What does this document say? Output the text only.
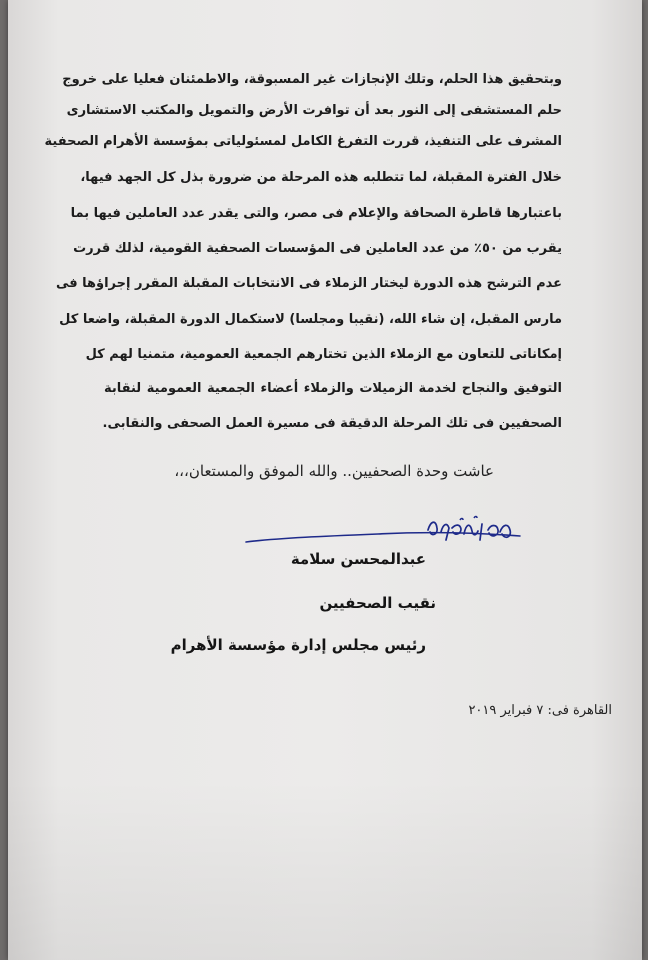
وبتحقيق هذا الحلم، وتلك الإنجازات غير المسبوقة، والاطمئنان فعليا على خروج
حلم المستشفى إلى النور بعد أن توافرت الأرض والتمويل والمكتب الاستشارى
المشرف على التنفيذ، قررت التفرغ الكامل لمسئولياتى بمؤسسة الأهرام الصحفية
خلال الفترة المقبلة، لما تتطلبه هذه المرحلة من ضرورة بذل كل الجهد فيها،
باعتبارها قاطرة الصحافة والإعلام فى مصر، والتى يقدر عدد العاملين فيها بما
يقرب من ٥٠٪ من عدد العاملين فى المؤسسات الصحفية القومية، لذلك قررت
عدم الترشح هذه الدورة ليختار الزملاء فى الانتخابات المقبلة المقرر إجراؤها فى
مارس المقبل، إن شاء الله، (نقيبا ومجلسا) لاستكمال الدورة المقبلة، واضعا كل
إمكاناتى للتعاون مع الزملاء الذين تختارهم الجمعية العمومية، متمنيا لهم كل
التوفيق والنجاح لخدمة الزميلات والزملاء أعضاء الجمعية العمومية لنقابة
الصحفيين فى تلك المرحلة الدقيقة فى مسيرة العمل الصحفى والنقابى.
عاشت وحدة الصحفيين.. والله الموفق والمستعان،،،
عبدالمحسن سلامة
نقيب الصحفيين
رئيس مجلس إدارة مؤسسة الأهرام
القاهرة فى: ٧ فبراير ٢٠١٩
